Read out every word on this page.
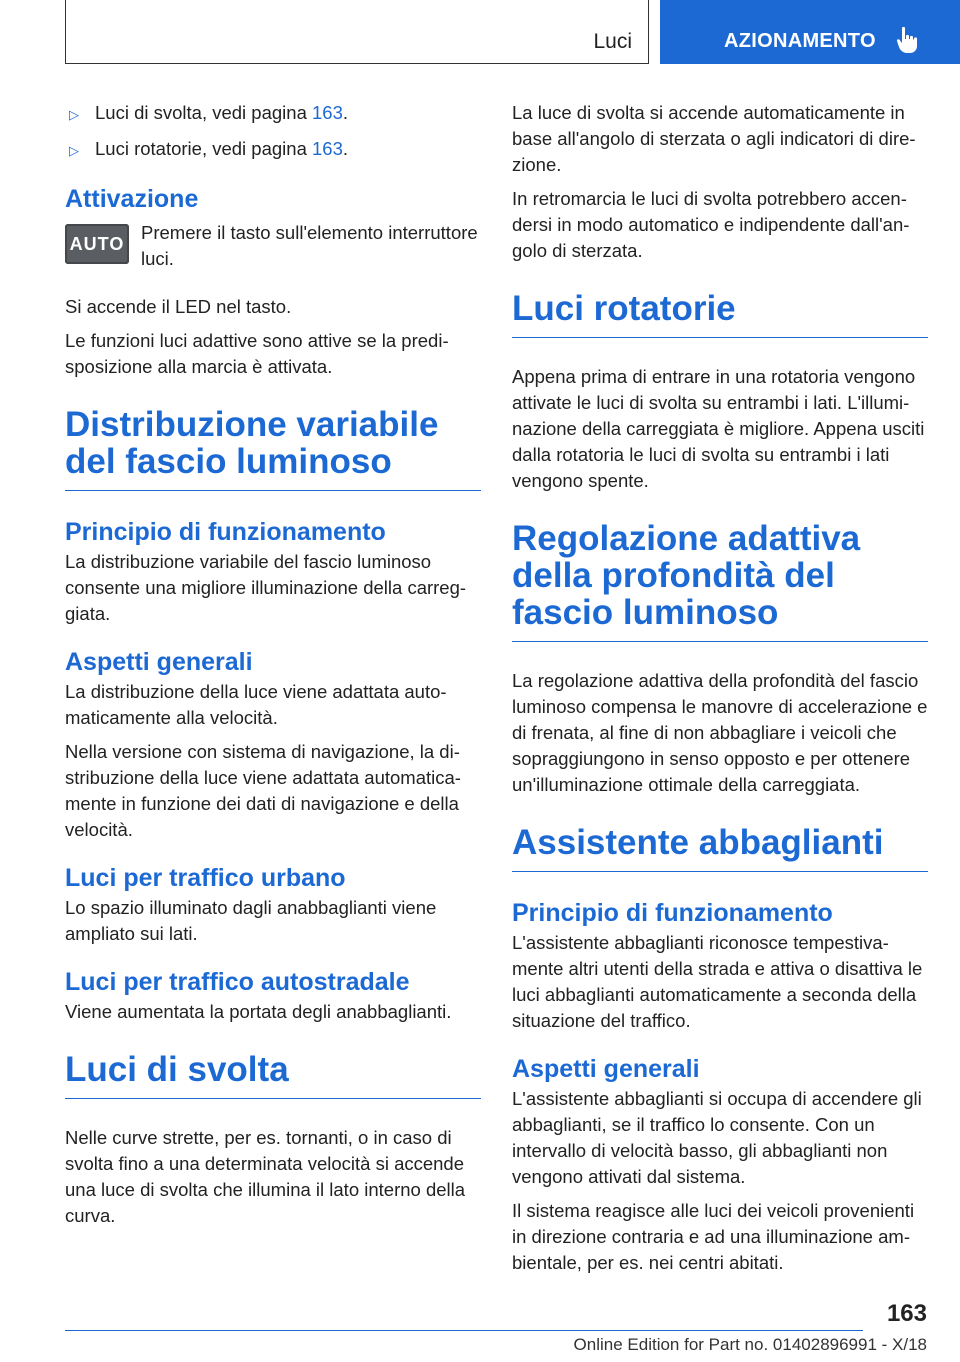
Luci	AZIONAMENTO
▷ Luci di svolta, vedi pagina 163.
▷ Luci rotatorie, vedi pagina 163.
Attivazione
AUTO

Premere il tasto sull'elemento interruttore luci.

Si accende il LED nel tasto.

Le funzioni luci adattive sono attive se la predisposizione alla marcia è attivata.

Distribuzione variabile del fascio luminoso
Principio di funzionamento

La distribuzione variabile del fascio luminoso consente una migliore illuminazione della carreggiata.

Aspetti generali

La distribuzione della luce viene adattata automaticamente alla velocità.

Nella versione con sistema di navigazione, la distribuzione della luce viene adattata automaticamente in funzione dei dati di navigazione e della velocità.

Luci per traffico urbano

Lo spazio illuminato dagli anabbaglianti viene ampliato sui lati.

Luci per traffico autostradale

Viene aumentata la portata degli anabbaglianti.

Luci di svolta

Nelle curve strette, per es. tornanti, o in caso di svolta fino a una determinata velocità si accende una luce di svolta che illumina il lato interno della curva.

La luce di svolta si accende automaticamente in base all'angolo di sterzata o agli indicatori di direzione.

In retromarcia le luci di svolta potrebbero accendersi in modo automatico e indipendente dall'angolo di sterzata.

Luci rotatorie

Appena prima di entrare in una rotatoria vengono attivate le luci di svolta su entrambi i lati. L'illuminazione della carreggiata è migliore. Appena usciti dalla rotatoria le luci di svolta su entrambi i lati vengono spente.

Regolazione adattiva della profondità del fascio luminoso

La regolazione adattiva della profondità del fascio luminoso compensa le manovre di accelerazione e di frenata, al fine di non abbagliare i veicoli che sopraggiungono in senso opposto e per ottenere un'illuminazione ottimale della carreggiata.

Assistente abbaglianti
Principio di funzionamento

L'assistente abbaglianti riconosce tempestivamente altri utenti della strada e attiva o disattiva le luci abbaglianti automaticamente a seconda della situazione del traffico.

Aspetti generali

L'assistente abbaglianti si occupa di accendere gli abbaglianti, se il traffico lo consente. Con un intervallo di velocità basso, gli abbaglianti non vengono attivati dal sistema.

Il sistema reagisce alle luci dei veicoli provenienti in direzione contraria e ad una illuminazione ambientale, per es. nei centri abitati.

163
Online Edition for Part no. 01402896991 - X/18
